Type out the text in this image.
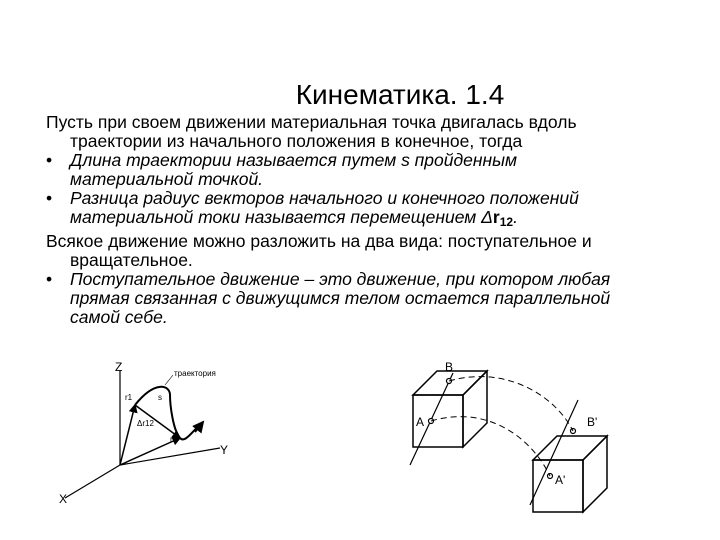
Кинематика. 1.4
Пусть при своем движении материальная точка двигалась вдоль
траектории из начального положения в конечное, тогда
• Длина траектории называется путем s пройденным
материальной точкой.
• Разница радиус векторов начального и конечного положений
материальной токи называется перемещением $\Delta r_{12}$.
Всякое движение можно разложить на два вида: поступательное и
вращательное.
• Поступательное движение – это движение, при котором любая
прямая связанная с движущимся телом остается параллельной
самой себе.
Z
Y
X
r1
r2
Δr12
s
траектория	B
A	B'
A'
